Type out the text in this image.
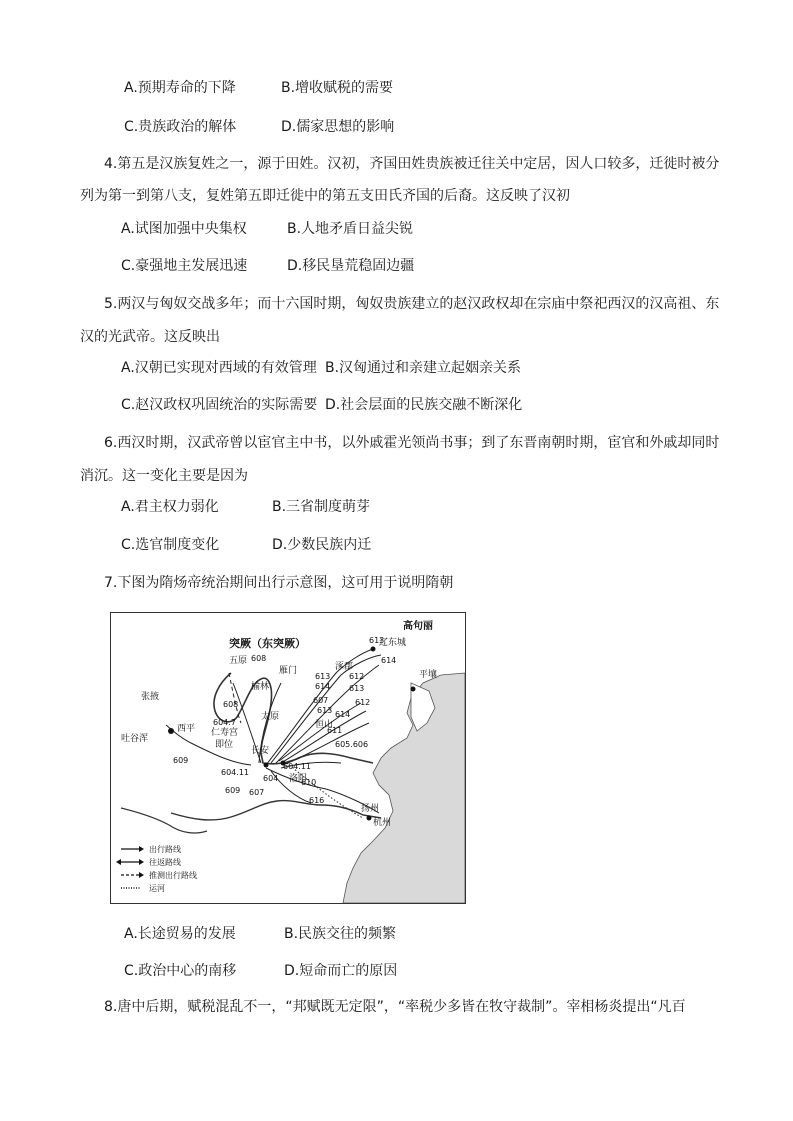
A.预期寿命的下降	B.增收赋税的需要
C.贵族政治的解体	D.儒家思想的影响
4.第五是汉族复姓之一，源于田姓。汉初，齐国田姓贵族被迁往关中定居，因人口较多，迁徙时被分
列为第一到第八支，复姓第五即迁徙中的第五支田氏齐国的后裔。这反映了汉初
A.试图加强中央集权	B.人地矛盾日益尖锐
C.豪强地主发展迅速	D.移民垦荒稳固边疆
5.两汉与匈奴交战多年；而十六国时期，匈奴贵族建立的赵汉政权却在宗庙中祭祀西汉的汉高祖、东
汉的光武帝。这反映出
A.汉朝已实现对西域的有效管理 B.汉匈通过和亲建立起姻亲关系
C.赵汉政权巩固统治的实际需要 D.社会层面的民族交融不断深化
6.西汉时期，汉武帝曾以宦官主中书，以外戚霍光领尚书事；到了东晋南朝时期，宦官和外戚却同时
消沉。这一变化主要是因为
A.君主权力弱化	B.三省制度萌芽
C.选官制度变化	D.少数民族内迁
7.下图为隋炀帝统治期间出行示意图，这可用于说明隋朝
突厥（东突厥）
高句丽
平壤
辽东城
张掖
吐谷浑
西平
五原
榆林
雁门	涿郡
太原
恒山
仁寿宫
即位
长安
洛阳
扬州
杭州
613
614
612
608
613
614 613
608	612
607
614
613
611
604.7
605.606
609
604.11
604.11
604	610
609 607
616
出行路线
往返路线
推测出行路线
运河
A.长途贸易的发展	B.民族交往的频繁
C.政治中心的南移	D.短命而亡的原因
8.唐中后期，赋税混乱不一，“邦赋既无定限”，“率税少多皆在牧守裁制”。宰相杨炎提出“凡百
